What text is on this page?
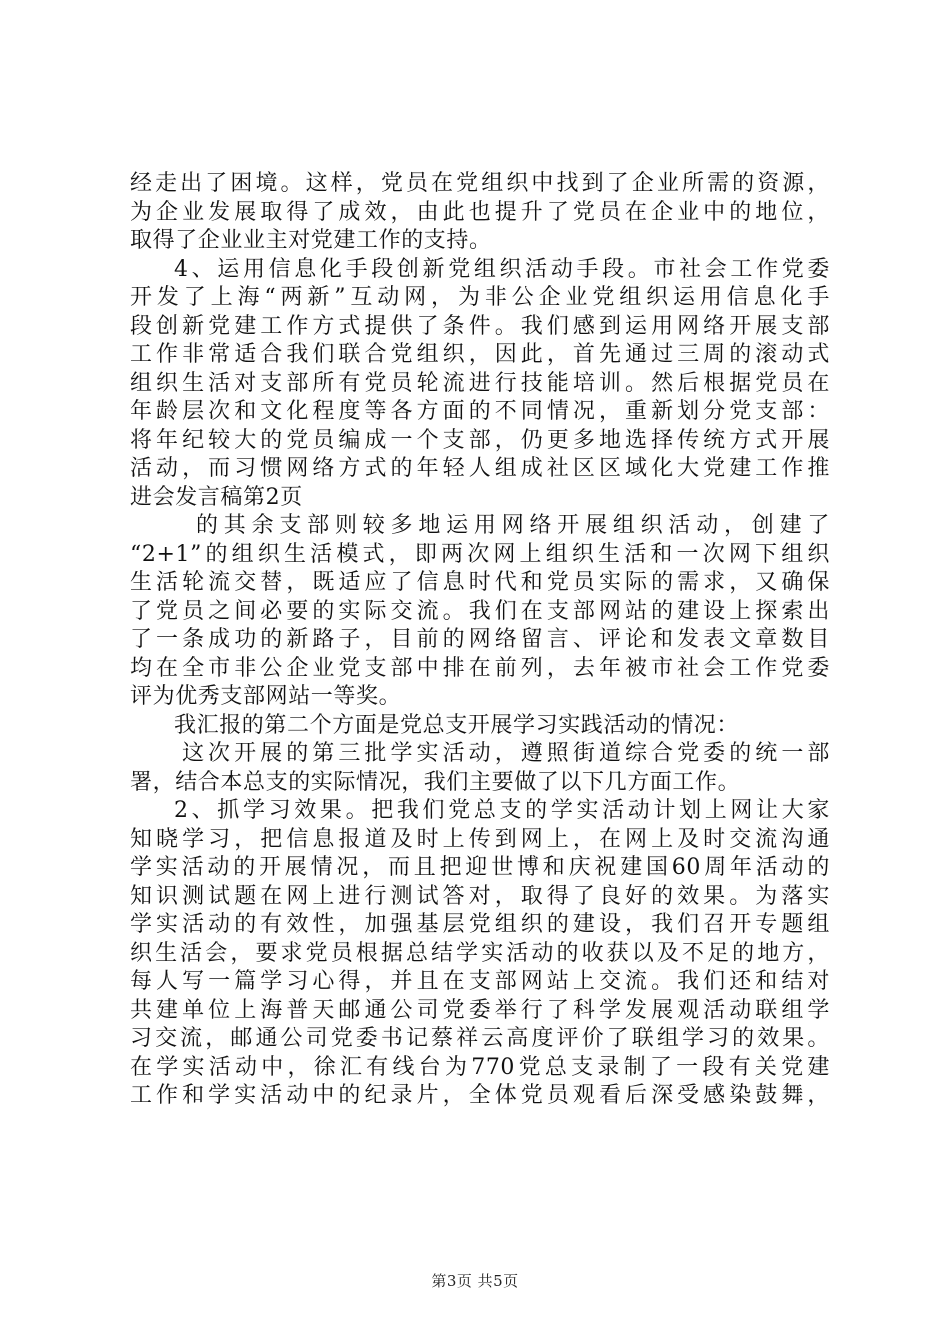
经走出了困境。这样，党员在党组织中找到了企业所需的资源，
为企业发展取得了成效，由此也提升了党员在企业中的地位，
取得了企业业主对党建工作的支持。
4、运用信息化手段创新党组织活动手段。市社会工作党委
开发了上海“两新”互动网，为非公企业党组织运用信息化手
段创新党建工作方式提供了条件。我们感到运用网络开展支部
工作非常适合我们联合党组织，因此，首先通过三周的滚动式
组织生活对支部所有党员轮流进行技能培训。然后根据党员在
年龄层次和文化程度等各方面的不同情况，重新划分党支部：
将年纪较大的党员编成一个支部，仍更多地选择传统方式开展
活动，而习惯网络方式的年轻人组成社区区域化大党建工作推
进会发言稿第2页
的其余支部则较多地运用网络开展组织活动，创建了
“2+1”的组织生活模式，即两次网上组织生活和一次网下组织
生活轮流交替，既适应了信息时代和党员实际的需求，又确保
了党员之间必要的实际交流。我们在支部网站的建设上探索出
了一条成功的新路子，目前的网络留言、评论和发表文章数目
均在全市非公企业党支部中排在前列，去年被市社会工作党委
评为优秀支部网站一等奖。
我汇报的第二个方面是党总支开展学习实践活动的情况：
这次开展的第三批学实活动，遵照街道综合党委的统一部
署，结合本总支的实际情况，我们主要做了以下几方面工作。
2、抓学习效果。把我们党总支的学实活动计划上网让大家
知晓学习，把信息报道及时上传到网上，在网上及时交流沟通
学实活动的开展情况，而且把迎世博和庆祝建国60周年活动的
知识测试题在网上进行测试答对，取得了良好的效果。为落实
学实活动的有效性，加强基层党组织的建设，我们召开专题组
织生活会，要求党员根据总结学实活动的收获以及不足的地方，
每人写一篇学习心得，并且在支部网站上交流。我们还和结对
共建单位上海普天邮通公司党委举行了科学发展观活动联组学
习交流，邮通公司党委书记蔡祥云高度评价了联组学习的效果。
在学实活动中，徐汇有线台为770党总支录制了一段有关党建
工作和学实活动中的纪录片，全体党员观看后深受感染鼓舞，
第3页 共5页
